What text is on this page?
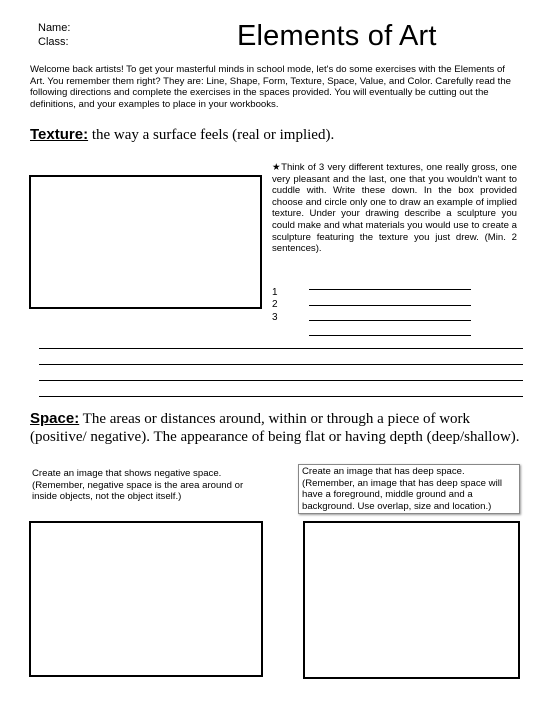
Name:
Class:	Elements of Art
Welcome back artists! To get your masterful minds in school mode, let's do some exercises with the Elements of Art. You remember them right? They are: Line, Shape, Form, Texture, Space, Value, and Color. Carefully read the following directions and complete the exercises in the spaces provided. You will eventually be cutting out the definitions, and your examples to place in your workbooks.
Texture: the way a surface feels (real or implied).
★Think of 3 very different textures, one really gross, one very pleasant and the last, one that you wouldn't want to cuddle with. Write these down. In the box provided choose and circle only one to draw an example of implied texture. Under your drawing describe a sculpture you could make and what materials you would use to create a sculpture featuring the texture you just drew. (Min. 2 sentences).
1
2
3
Space: The areas or distances around, within or through a piece of work (positive/ negative). The appearance of being flat or having depth (deep/shallow).
Create an image that shows negative space.
(Remember, negative space is the area around or inside objects, not the object itself.)
Create an image that has deep space. (Remember, an image that has deep space will have a foreground, middle ground and a background. Use overlap, size and location.)
